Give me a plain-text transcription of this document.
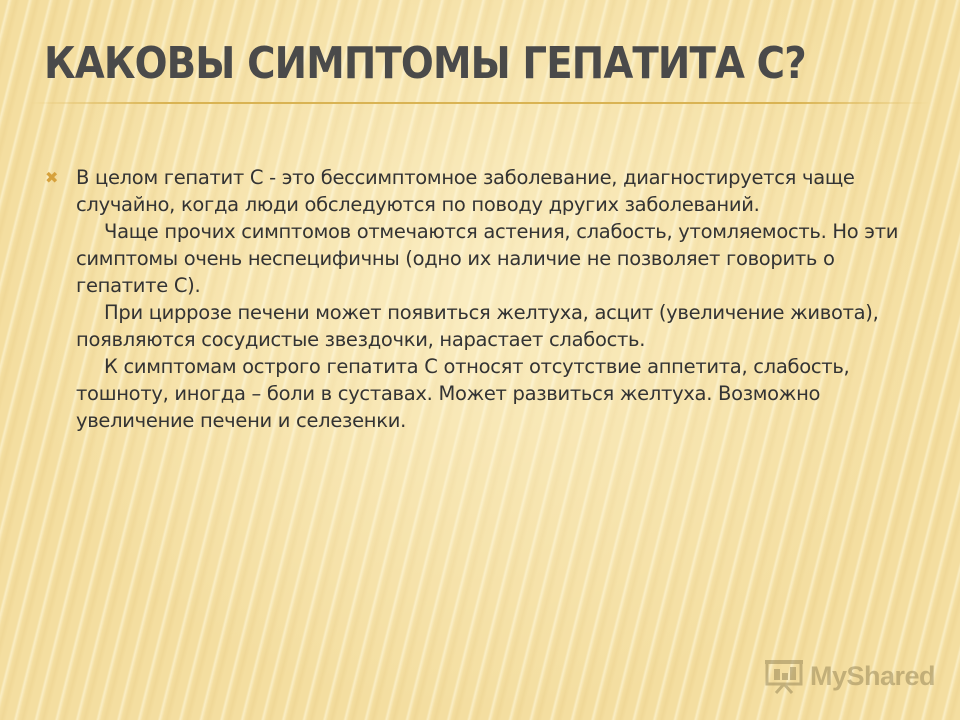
КАКОВЫ СИМПТОМЫ ГЕПАТИТА С?
✖ В целом гепатит С - это бессимптомное заболевание, диагностируется чаще случайно, когда люди обследуются по поводу других заболеваний.

Чаще прочих симптомов отмечаются астения, слабость, утомляемость. Но эти симптомы очень неспецифичны (одно их наличие не позволяет говорить о гепатите С).

При циррозе печени может появиться желтуха, асцит (увеличение живота), появляются сосудистые звездочки, нарастает слабость.

К симптомам острого гепатита С относят отсутствие аппетита, слабость, тошноту, иногда – боли в суставах. Может развиться желтуха. Возможно увеличение печени и селезенки.

MyShared
